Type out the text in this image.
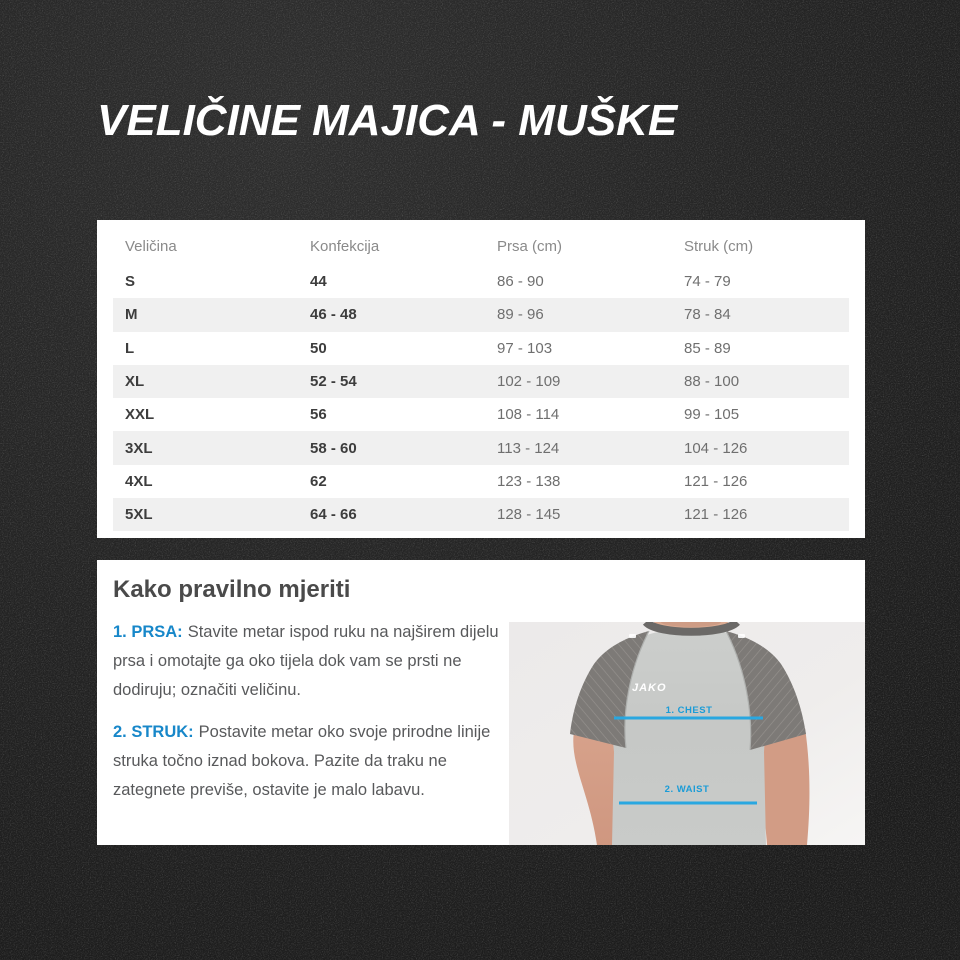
VELIČINE MAJICA - MUŠKE
Veličina	Konfekcija	Prsa (cm)	Struk (cm)
S	44	86 - 90	74 - 79
M	46 - 48	89 - 96	78 - 84
L	50	97 - 103	85 - 89
XL	52 - 54	102 - 109	88 - 100
XXL	56	108 - 114	99 - 105
3XL	58 - 60	113 - 124	104 - 126
4XL	62	123 - 138	121 - 126
5XL	64 - 66	128 - 145	121 - 126
Kako pravilno mjeriti

1. PRSA: Stavite metar ispod ruku na najširem dijelu prsa i omotajte ga oko tijela dok vam se prsti ne dodiruju; označiti veličinu.

2. STRUK: Postavite metar oko svoje prirodne linije struka točno iznad bokova. Pazite da traku ne zategnete previše, ostavite je malo labavu.

JAKO
1. CHEST
2. WAIST
